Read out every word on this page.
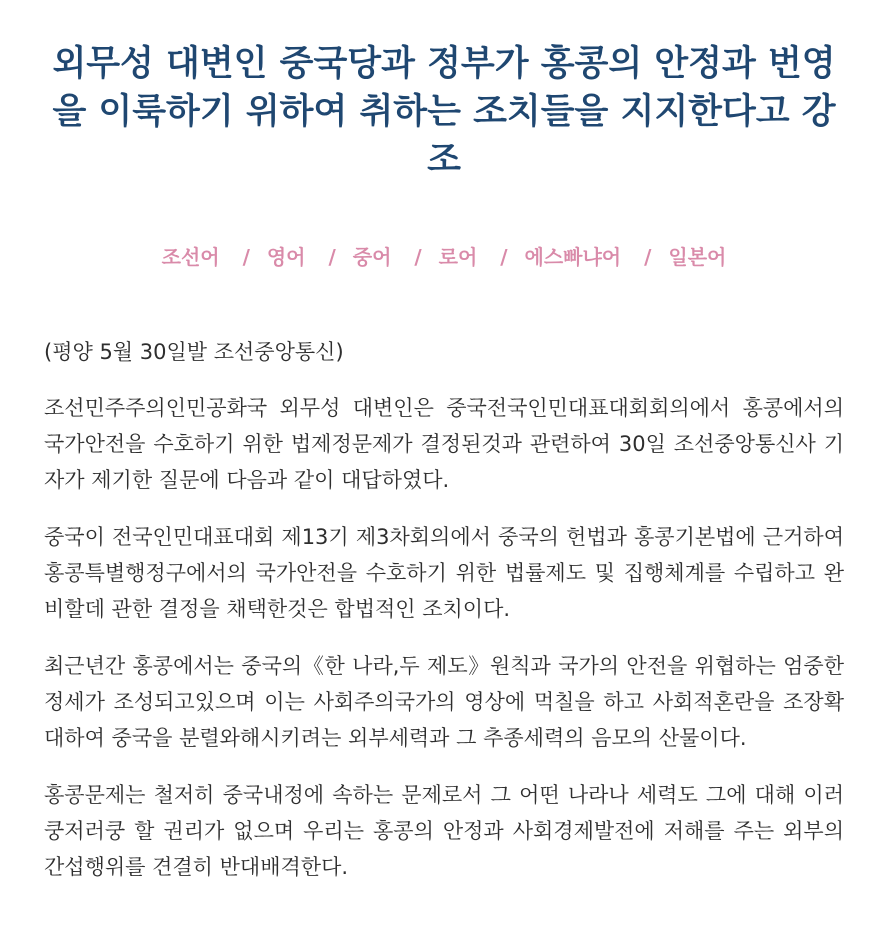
외무성 대변인 중국당과 정부가 홍콩의 안정과 번영을 이룩하기 위하여 취하는 조치들을 지지한다고 강조
조선어 / 영어 / 중어 / 로어 / 에스빠냐어 / 일본어

(평양 5월 30일발 조선중앙통신)

조선민주주의인민공화국 외무성 대변인은 중국전국인민대표대회회의에서 홍콩에서의 국가안전을 수호하기 위한 법제정문제가 결정된것과 관련하여 30일 조선중앙통신사 기자가 제기한 질문에 다음과 같이 대답하였다.

중국이 전국인민대표대회 제13기 제3차회의에서 중국의 헌법과 홍콩기본법에 근거하여 홍콩특별행정구에서의 국가안전을 수호하기 위한 법률제도 및 집행체계를 수립하고 완비할데 관한 결정을 채택한것은 합법적인 조치이다.

최근년간 홍콩에서는 중국의《한 나라,두 제도》원칙과 국가의 안전을 위협하는 엄중한 정세가 조성되고있으며 이는 사회주의국가의 영상에 먹칠을 하고 사회적혼란을 조장확대하여 중국을 분렬와해시키려는 외부세력과 그 추종세력의 음모의 산물이다.

홍콩문제는 철저히 중국내정에 속하는 문제로서 그 어떤 나라나 세력도 그에 대해 이러쿵저러쿵 할 권리가 없으며 우리는 홍콩의 안정과 사회경제발전에 저해를 주는 외부의 간섭행위를 견결히 반대배격한다.
